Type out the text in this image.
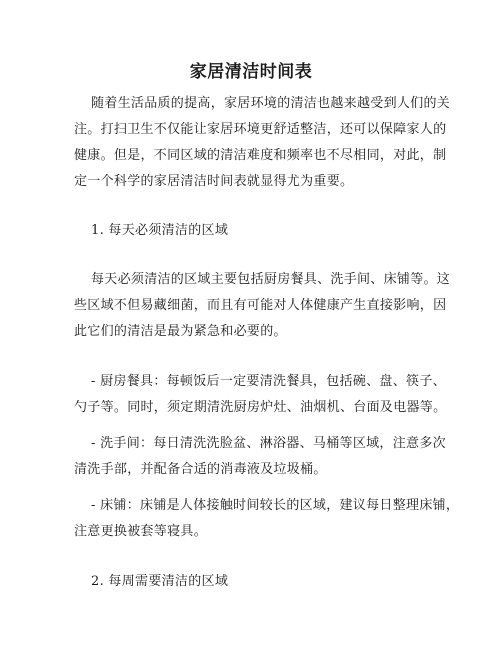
家居清洁时间表
随着生活品质的提高，家居环境的清洁也越来越受到人们的关
注。打扫卫生不仅能让家居环境更舒适整洁，还可以保障家人的
健康。但是，不同区域的清洁难度和频率也不尽相同，对此，制
定一个科学的家居清洁时间表就显得尤为重要。
1. 每天必须清洁的区域
每天必须清洁的区域主要包括厨房餐具、洗手间、床铺等。这
些区域不但易藏细菌，而且有可能对人体健康产生直接影响，因
此它们的清洁是最为紧急和必要的。
- 厨房餐具：每顿饭后一定要清洗餐具，包括碗、盘、筷子、
勺子等。同时，须定期清洗厨房炉灶、油烟机、台面及电器等。
- 洗手间：每日清洗洗脸盆、淋浴器、马桶等区域，注意多次
清洗手部，并配备合适的消毒液及垃圾桶。
- 床铺：床铺是人体接触时间较长的区域，建议每日整理床铺，
注意更换被套等寝具。
2. 每周需要清洁的区域
